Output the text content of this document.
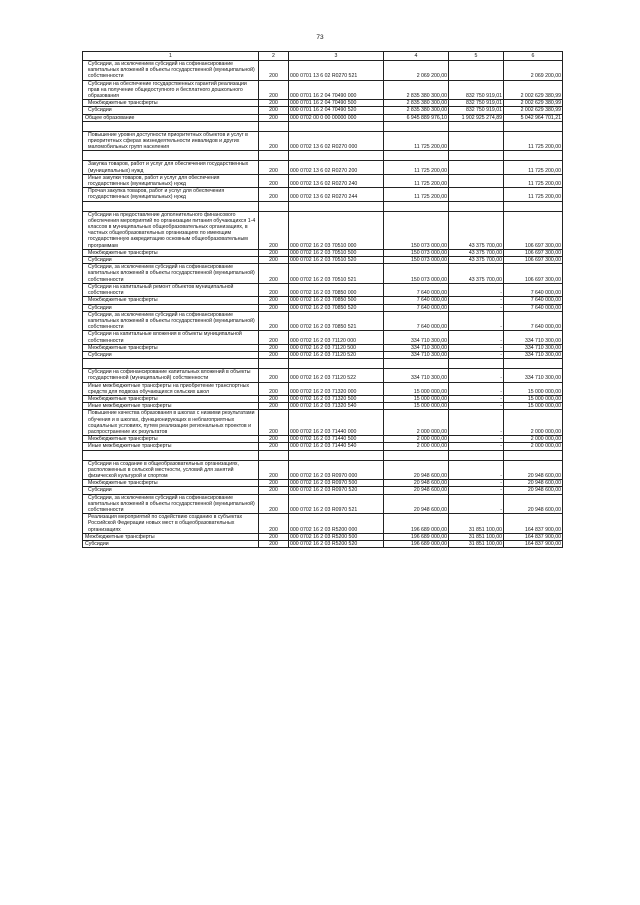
73
1	2	3	4	5	6
Субсидии, за исключением субсидий на софинансирование капитальных вложений в объекты государственной (муниципальной) собственности	200	000 0701 13 6 02 R0270 521	2 069 200,00		2 069 200,00
Субсидии на обеспечение государственных гарантий реализации прав на получение общедоступного и бесплатного дошкольного образования	200	000 0701 16 2 04 70490 000	2 835 380 300,00	832 750 919,01	2 002 629 380,99
Межбюджетные трансферты	200	000 0701 16 2 04 70490 500	2 835 380 300,00	832 750 919,01	2 002 629 380,99
Субсидии	200	000 0701 16 2 04 70490 520	2 835 380 300,00	832 750 919,01	2 002 629 380,99
Общее образование	200	000 0702 00 0 00 00000 000	6 945 889 976,10	1 902 925 274,89	5 042 964 701,21

Повышение уровня доступности приоритетных объектов и услуг в приоритетных сферах жизнедеятельности инвалидов и других маломобильных групп населения	200	000 0702 13 6 02 R0270 000	11 725 200,00		11 725 200,00

Закупка товаров, работ и услуг для обеспечения государственных (муниципальных) нужд	200	000 0702 13 6 02 R0270 200	11 725 200,00		11 725 200,00
Иные закупки товаров, работ и услуг для обеспечения государственных (муниципальных) нужд	200	000 0702 13 6 02 R0270 240	11 725 200,00		11 725 200,00
Прочая закупка товаров, работ и услуг для обеспечения государственных (муниципальных) нужд	200	000 0702 13 6 02 R0270 244	11 725 200,00		11 725 200,00

Субсидии на предоставление дополнительного финансового обеспечения мероприятий по организации питания обучающихся 1-4 классов в муниципальных общеобразовательных организациях, в частных общеобразовательных организациях по имеющим государственную аккредитацию основным общеобразовательным программам	200	000 0702 16 2 03 70510 000	150 073 000,00	43 375 700,00	106 697 300,00
Межбюджетные трансферты	200	000 0702 16 2 03 70510 500	150 073 000,00	43 375 700,00	106 697 300,00
Субсидии	200	000 0702 16 2 03 70510 520	150 073 000,00	43 375 700,00	106 697 300,00
Субсидии, за исключением субсидий на софинансирование капитальных вложений в объекты государственной (муниципальной) собственности	200	000 0702 16 2 03 70510 521	150 073 000,00	43 375 700,00	106 697 300,00
Субсидии на капитальный ремонт объектов муниципальной собственности	200	000 0702 16 2 03 70850 000	7 640 000,00	-	7 640 000,00
Межбюджетные трансферты	200	000 0702 16 2 03 70850 500	7 640 000,00	-	7 640 000,00
Субсидии	200	000 0702 16 2 03 70850 520	7 640 000,00	-	7 640 000,00
Субсидии, за исключением субсидий на софинансирование капитальных вложений в объекты государственной (муниципальной) собственности	200	000 0702 16 2 03 70850 521	7 640 000,00	-	7 640 000,00
Субсидии на капитальные вложения в объекты муниципальной собственности	200	000 0702 16 2 03 71120 000	334 710 300,00	-	334 710 300,00
Межбюджетные трансферты	200	000 0702 16 2 03 71120 500	334 710 300,00	-	334 710 300,00
Субсидии	200	000 0702 16 2 03 71120 520	334 710 300,00	-	334 710 300,00

Субсидии на софинансирование капитальных вложений в объекты государственной (муниципальной) собственности	200	000 0702 16 2 03 71120 522	334 710 300,00	-	334 710 300,00
Иные межбюджетные трансферты на приобретение транспортных средств для подвоза обучающихся сельских школ	200	000 0702 16 2 03 71320 000	15 000 000,00	-	15 000 000,00
Межбюджетные трансферты	200	000 0702 16 2 03 71320 500	15 000 000,00	-	15 000 000,00
Иные межбюджетные трансферты	200	000 0702 16 2 03 71320 540	15 000 000,00	-	15 000 000,00
Повышение качества образования в школах с низкими результатами обучения и в школах, функционирующих в неблагоприятных социальных условиях, путем реализации региональных проектов и распространение их результатов	200	000 0702 16 2 03 71440 000	2 000 000,00	-	2 000 000,00
Межбюджетные трансферты	200	000 0702 16 2 03 71440 500	2 000 000,00	-	2 000 000,00
Иные межбюджетные трансферты	200	000 0702 16 2 03 71440 540	2 000 000,00	-	2 000 000,00

Субсидии на создание в общеобразовательных организациях, расположенных в сельской местности, условий для занятий физической культурой и спортом	200	000 0702 16 2 03 R0970 000	20 948 600,00	-	20 948 600,00
Межбюджетные трансферты	200	000 0702 16 2 03 R0970 500	20 948 600,00	-	20 948 600,00
Субсидии	200	000 0702 16 2 03 R0970 520	20 948 600,00	-	20 948 600,00
Субсидии, за исключением субсидий на софинансирование капитальных вложений в объекты государственной (муниципальной) собственности	200	000 0702 16 2 03 R0970 521	20 948 600,00	-	20 948 600,00
Реализация мероприятий по содействию созданию в субъектах Российской Федерации новых мест в общеобразовательных организациях	200	000 0702 16 2 03 R5200 000	196 689 000,00	31 851 100,00	164 837 900,00
Межбюджетные трансферты	200	000 0702 16 2 03 R5200 500	196 689 000,00	31 851 100,00	164 837 900,00
Субсидии	200	000 0702 16 2 03 R5200 520	196 689 000,00	31 851 100,00	164 837 900,00
